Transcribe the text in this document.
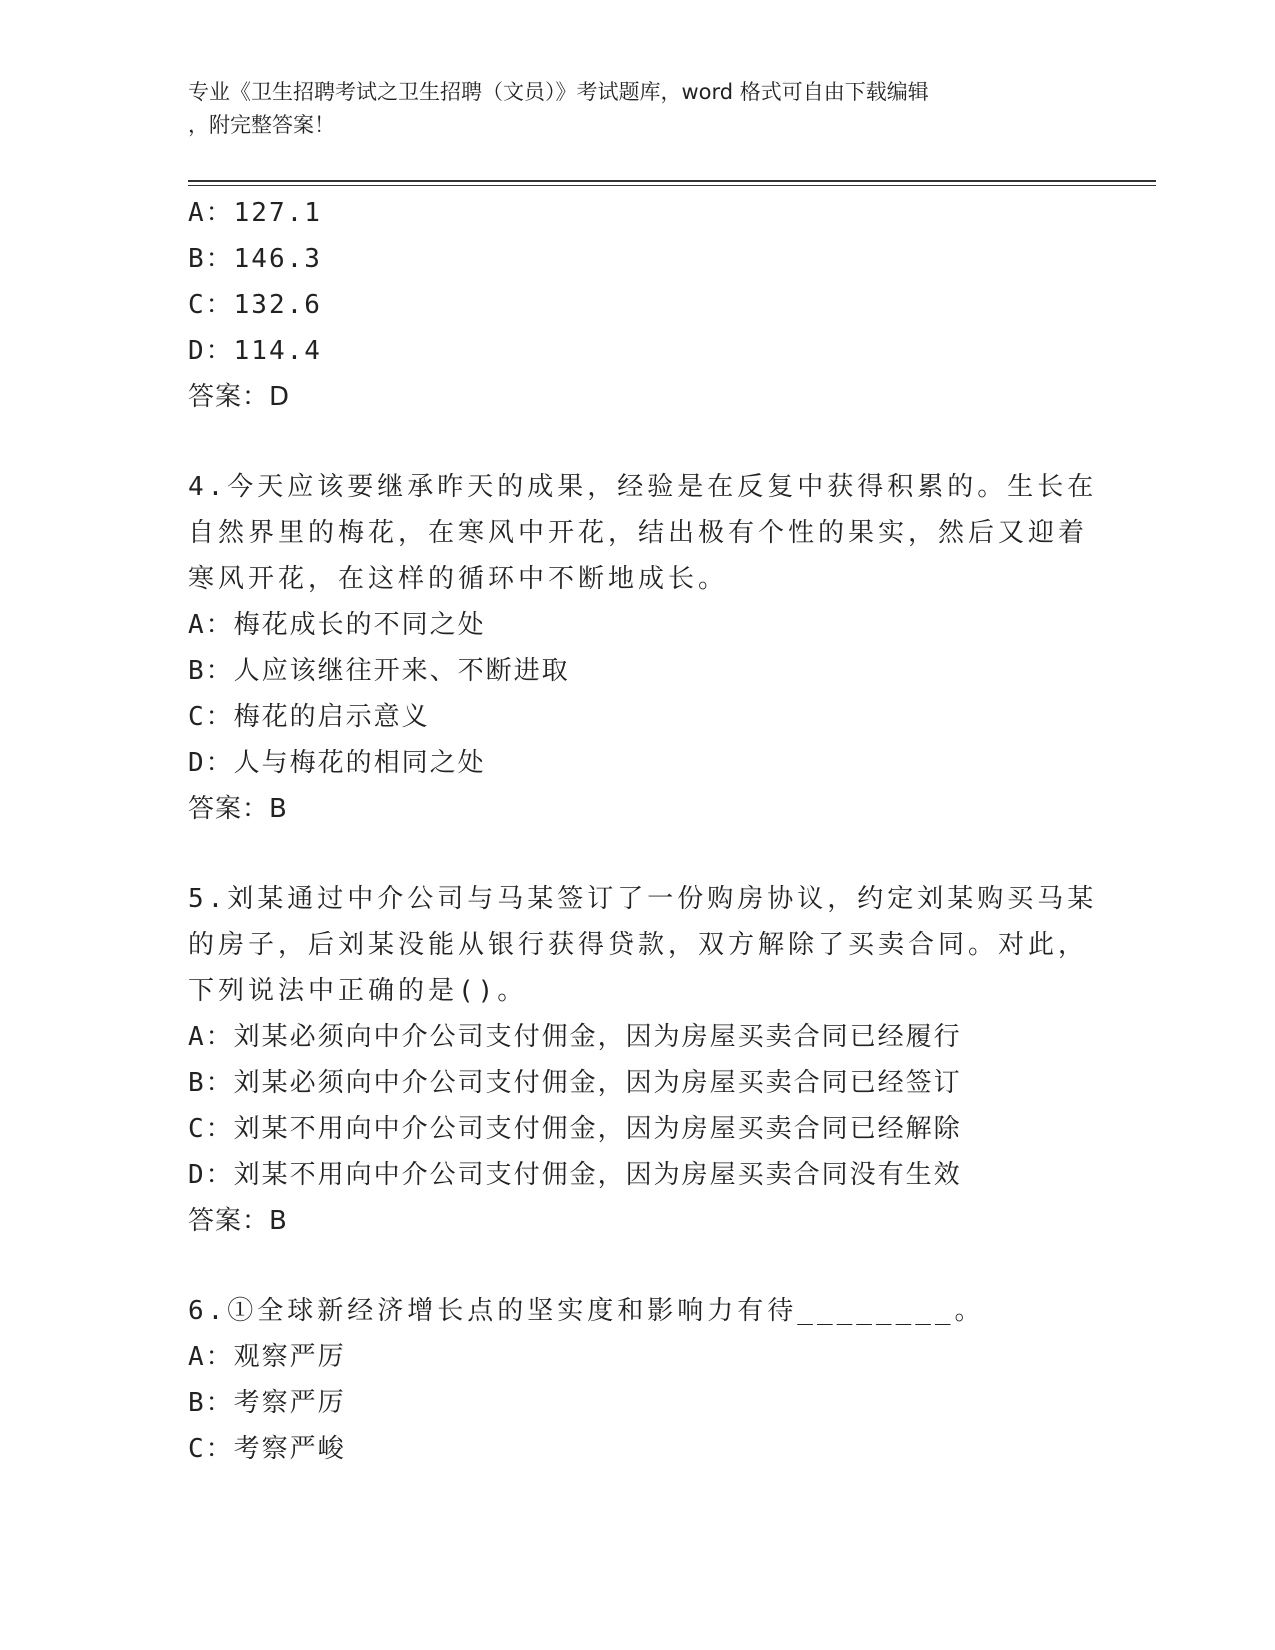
专业《卫生招聘考试之卫生招聘（文员）》考试题库，word 格式可自由下载编辑
，附完整答案！
A：127.1
B：146.3
C：132.6
D：114.4
答案：D
4.今天应该要继承昨天的成果，经验是在反复中获得积累的。生长在
自然界里的梅花，在寒风中开花，结出极有个性的果实，然后又迎着
寒风开花，在这样的循环中不断地成长。
A：梅花成长的不同之处
B：人应该继往开来、不断进取
C：梅花的启示意义
D：人与梅花的相同之处
答案：B
5.刘某通过中介公司与马某签订了一份购房协议，约定刘某购买马某
的房子，后刘某没能从银行获得贷款，双方解除了买卖合同。对此，
下列说法中正确的是()。
A：刘某必须向中介公司支付佣金，因为房屋买卖合同已经履行
B：刘某必须向中介公司支付佣金，因为房屋买卖合同已经签订
C：刘某不用向中介公司支付佣金，因为房屋买卖合同已经解除
D：刘某不用向中介公司支付佣金，因为房屋买卖合同没有生效
答案：B
6.①全球新经济增长点的坚实度和影响力有待________。
A：观察严厉
B：考察严厉
C：考察严峻
